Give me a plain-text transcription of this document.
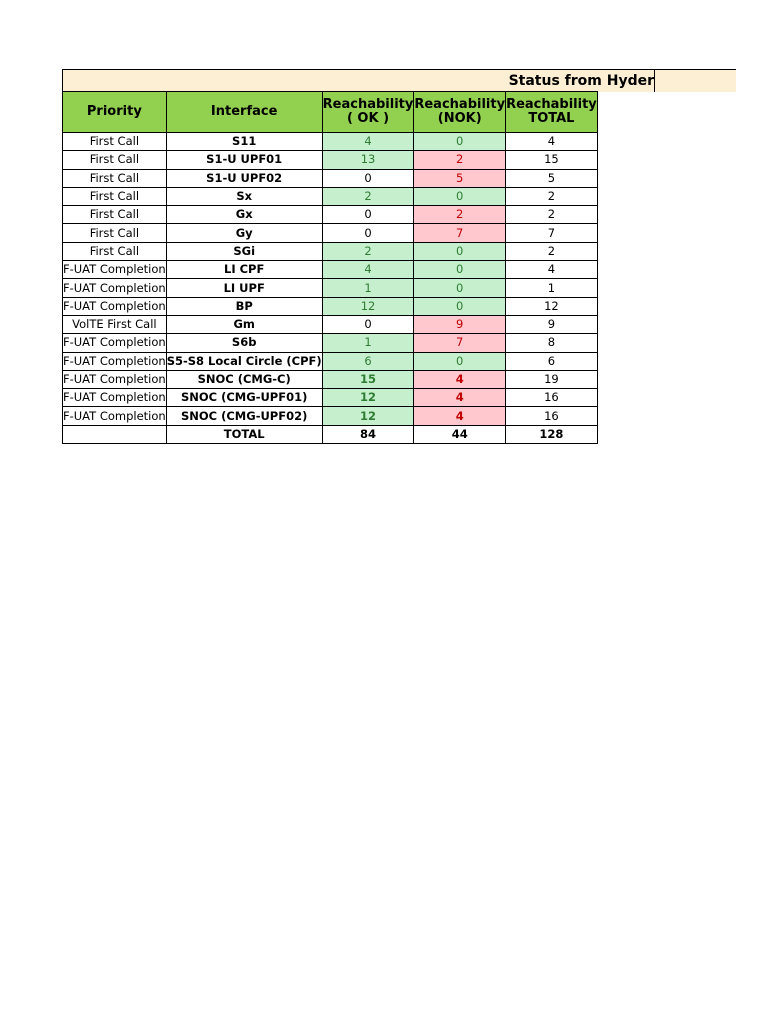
Status from Hyder
Priority	Interface	Reachability ( OK )	Reachability (NOK)	Reachability TOTAL
First Call	S11	4	0	4
First Call	S1-U UPF01	13	2	15
First Call	S1-U UPF02	0	5	5
First Call	Sx	2	0	2
First Call	Gx	0	2	2
First Call	Gy	0	7	7
First Call	SGi	2	0	2
F-UAT Completion	LI CPF	4	0	4
F-UAT Completion	LI UPF	1	0	1
F-UAT Completion	BP	12	0	12
VolTE First Call	Gm	0	9	9
F-UAT Completion	S6b	1	7	8
F-UAT Completion	S5-S8 Local Circle (CPF)	6	0	6
F-UAT Completion	SNOC (CMG-C)	15	4	19
F-UAT Completion	SNOC (CMG-UPF01)	12	4	16
F-UAT Completion	SNOC (CMG-UPF02)	12	4	16
	TOTAL	84	44	128
